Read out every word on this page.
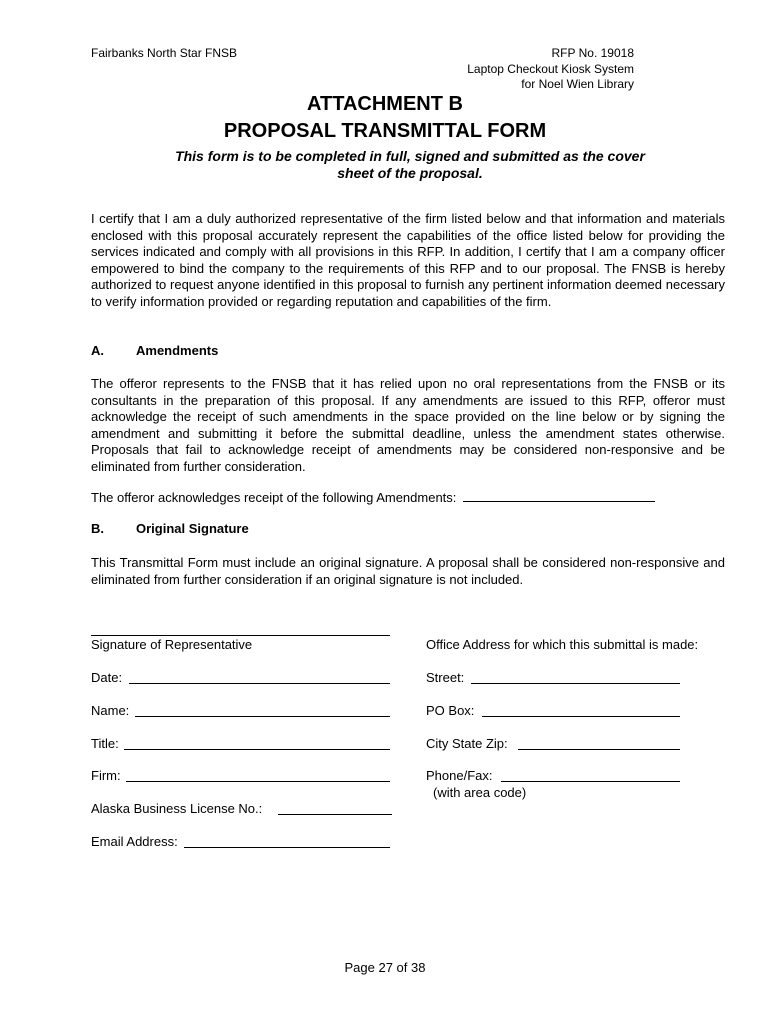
Fairbanks North Star FNSB	RFP No. 19018
Laptop Checkout Kiosk System
for Noel Wien Library
ATTACHMENT B
PROPOSAL TRANSMITTAL FORM
This form is to be completed in full, signed and submitted as the cover sheet of the proposal.

I certify that I am a duly authorized representative of the firm listed below and that information and materials enclosed with this proposal accurately represent the capabilities of the office listed below for providing the services indicated and comply with all provisions in this RFP. In addition, I certify that I am a company officer empowered to bind the company to the requirements of this RFP and to our proposal. The FNSB is hereby authorized to request anyone identified in this proposal to furnish any pertinent information deemed necessary to verify information provided or regarding reputation and capabilities of the firm.

A. Amendments

The offeror represents to the FNSB that it has relied upon no oral representations from the FNSB or its consultants in the preparation of this proposal. If any amendments are issued to this RFP, offeror must acknowledge the receipt of such amendments in the space provided on the line below or by signing the amendment and submitting it before the submittal deadline, unless the amendment states otherwise. Proposals that fail to acknowledge receipt of amendments may be considered non-responsive and be eliminated from further consideration.

The offeror acknowledges receipt of the following Amendments:
B. Original Signature

This Transmittal Form must include an original signature. A proposal shall be considered non-responsive and eliminated from further consideration if an original signature is not included.

Signature of Representative	Office Address for which this submittal is made:
Date:	Street:
Name:	PO Box:
Title:	City State Zip:
Firm:	Phone/Fax:
(with area code)
Alaska Business License No.:
Email Address:
Page 27 of 38
